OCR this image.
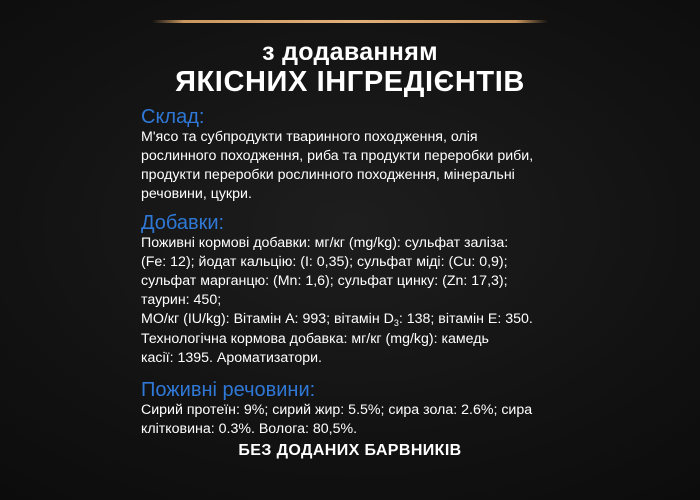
з додаванням
ЯКІСНИХ ІНГРЕДІЄНТІВ
Склад:
М'ясо та субпродукти тваринного походження, олія
рослинного походження, риба та продукти переробки риби,
продукти переробки рослинного походження, мінеральні
речовини, цукри.
Добавки:
Поживні кормові добавки: мг/кг (mg/kg): сульфат заліза:
(Fe: 12); йодат кальцію: (I: 0,35); сульфат міді: (Cu: 0,9);
сульфат марганцю: (Mn: 1,6); сульфат цинку: (Zn: 17,3);
таурин: 450;
МО/кг (IU/kg): Вітамін А: 993; вітамін $D_3$: 138; вітамін Е: 350.
Технологічна кормова добавка: мг/кг (mg/kg): камедь
касії: 1395. Ароматизатори.
Поживні речовини:
Сирий протеїн: 9%; сирий жир: 5.5%; сира зола: 2.6%; сира
клітковина: 0.3%. Волога: 80,5%.
БЕЗ ДОДАНИХ БАРВНИКІВ
